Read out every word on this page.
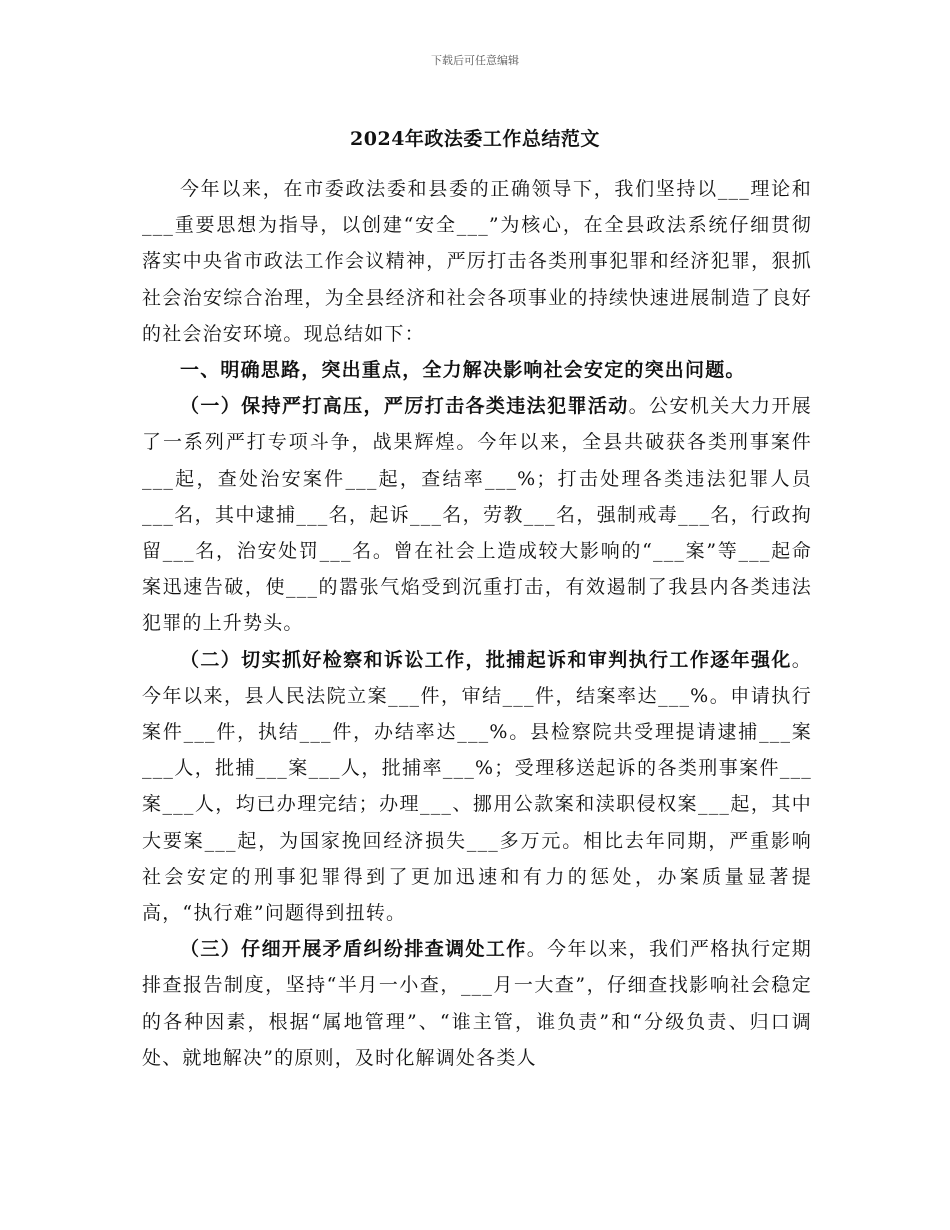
下载后可任意编辑
2024年政法委工作总结范文

今年以来，在市委政法委和县委的正确领导下，我们坚持以___理论和___重要思想为指导，以创建“安全___”为核心，在全县政法系统仔细贯彻落实中央省市政法工作会议精神，严厉打击各类刑事犯罪和经济犯罪，狠抓社会治安综合治理，为全县经济和社会各项事业的持续快速进展制造了良好的社会治安环境。现总结如下：

一、明确思路，突出重点，全力解决影响社会安定的突出问题。

（一）保持严打高压，严厉打击各类违法犯罪活动。公安机关大力开展了一系列严打专项斗争，战果辉煌。今年以来，全县共破获各类刑事案件___起，查处治安案件___起，查结率___%；打击处理各类违法犯罪人员___名，其中逮捕___名，起诉___名，劳教___名，强制戒毒___名，行政拘留___名，治安处罚___名。曾在社会上造成较大影响的“___案”等___起命案迅速告破，使___的嚣张气焰受到沉重打击，有效遏制了我县内各类违法犯罪的上升势头。

（二）切实抓好检察和诉讼工作，批捕起诉和审判执行工作逐年强化。今年以来，县人民法院立案___件，审结___件，结案率达___%。申请执行案件___件，执结___件，办结率达___%。县检察院共受理提请逮捕___案___人，批捕___案___人，批捕率___%；受理移送起诉的各类刑事案件___案___人，均已办理完结；办理___、挪用公款案和渎职侵权案___起，其中大要案___起，为国家挽回经济损失___多万元。相比去年同期，严重影响社会安定的刑事犯罪得到了更加迅速和有力的惩处，办案质量显著提高，“执行难”问题得到扭转。

（三）仔细开展矛盾纠纷排查调处工作。今年以来，我们严格执行定期排查报告制度，坚持“半月一小查，___月一大查”，仔细查找影响社会稳定的各种因素，根据“属地管理”、“谁主管，谁负责”和“分级负责、归口调处、就地解决”的原则，及时化解调处各类人
